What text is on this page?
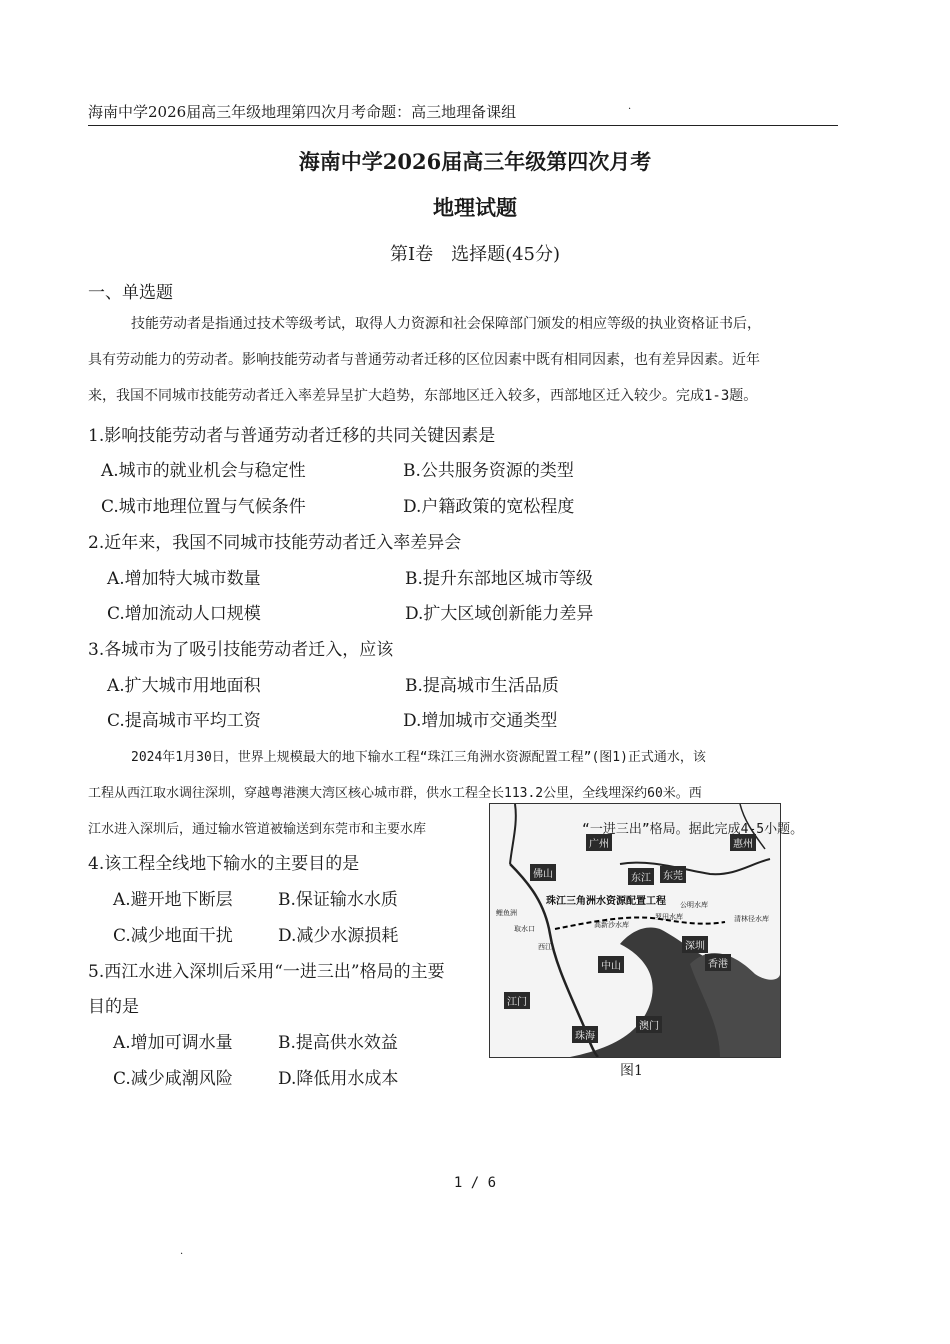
海南中学2026届高三年级地理第四次月考命题：高三地理备课组	.
海南中学2026届高三年级第四次月考
地理试题
第Ⅰ卷　选择题(45分)
一、单选题
技能劳动者是指通过技术等级考试，取得人力资源和社会保障部门颁发的相应等级的执业资格证书后，
具有劳动能力的劳动者。影响技能劳动者与普通劳动者迁移的区位因素中既有相同因素，也有差异因素。近年
来，我国不同城市技能劳动者迁入率差异呈扩大趋势，东部地区迁入较多，西部地区迁入较少。完成1-3题。
1.影响技能劳动者与普通劳动者迁移的共同关键因素是
A.城市的就业机会与稳定性	B.公共服务资源的类型
C.城市地理位置与气候条件	D.户籍政策的宽松程度
2.近年来，我国不同城市技能劳动者迁入率差异会
A.增加特大城市数量	B.提升东部地区城市等级
C.增加流动人口规模	D.扩大区域创新能力差异
3.各城市为了吸引技能劳动者迁入，应该
A.扩大城市用地面积	B.提高城市生活品质
C.提高城市平均工资	D.增加城市交通类型
2024年1月30日，世界上规模最大的地下输水工程“珠江三角洲水资源配置工程”(图1)正式通水，该
工程从西江取水调往深圳，穿越粤港澳大湾区核心城市群，供水工程全长113.2公里，全线埋深约60米。西
江水进入深圳后，通过输水管道被输送到东莞市和主要水库	“一进三出”格局。据此完成4-5小题。
4.该工程全线地下输水的主要目的是
A.避开地下断层	B.保证输水水质
C.减少地面干扰	D.减少水源损耗
5.西江水进入深圳后采用“一进三出”格局的主要
目的是
A.增加可调水量	B.提高供水效益
C.减少咸潮风险	D.降低用水成本
珠江三角洲水资源配置工程
广州	惠州
东莞
东江
佛山
中山
深圳
香港
江门
珠海
澳门
西江
鲤鱼洲
高新沙水库
罗田水库
公明水库
清林径水库
取水口
图1
1 / 6
.
